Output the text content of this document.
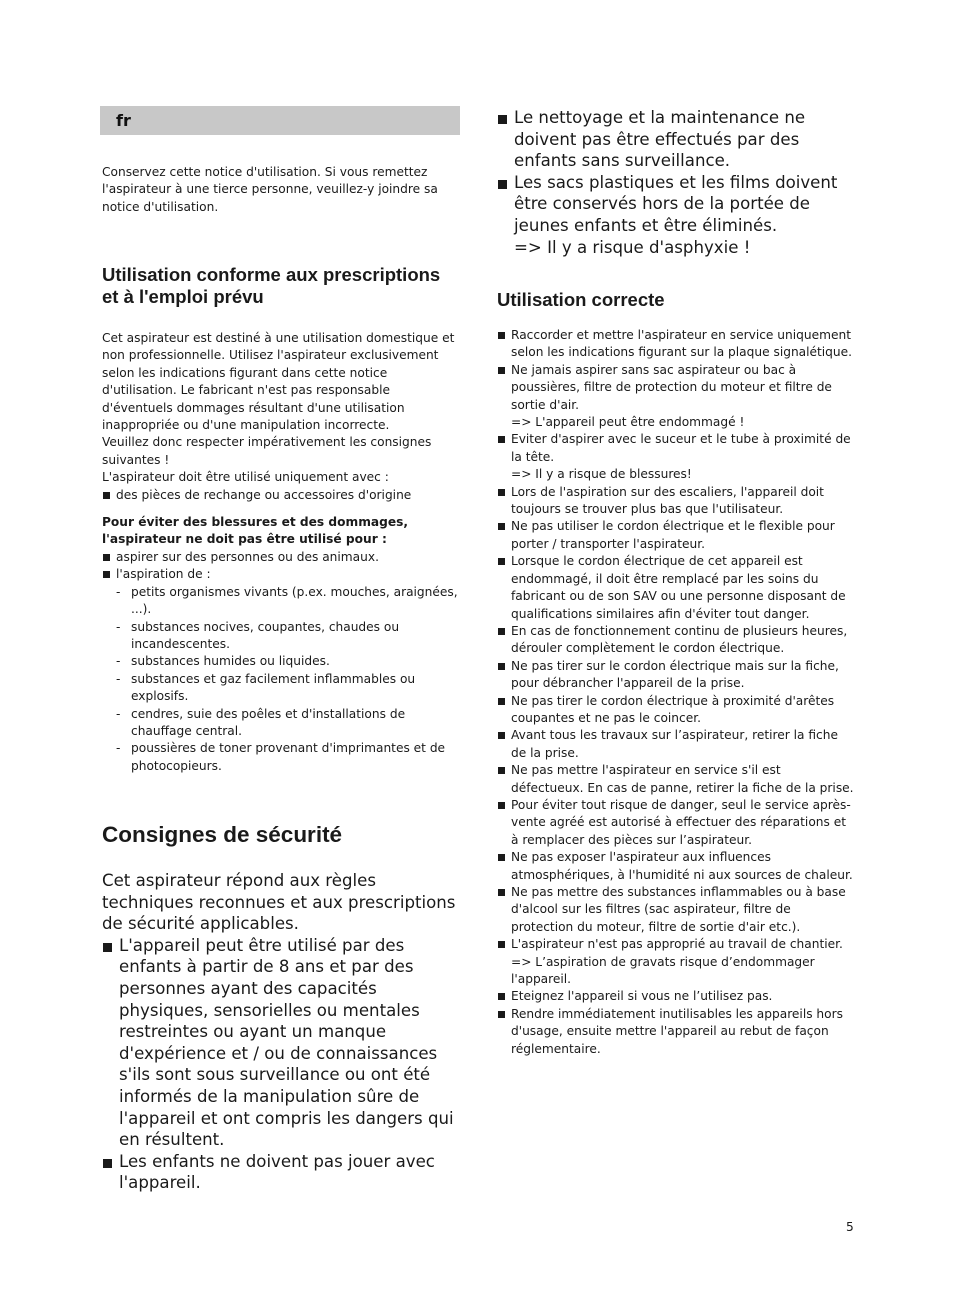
fr

Conservez cette notice d'utilisation. Si vous remettez l'aspirateur à une tierce personne, veuillez-y joindre sa notice d'utilisation.

Utilisation conforme aux prescriptions et à l'emploi prévu

Cet aspirateur est destiné à une utilisation domestique et non professionnelle. Utilisez l'aspirateur exclusivement selon les indications figurant dans cette notice d'utilisation. Le fabricant n'est pas responsable d'éventuels dommages résultant d'une utilisation inappropriée ou d'une manipulation incorrecte.

Veuillez donc respecter impérativement les consignes suivantes !

L'aspirateur doit être utilisé uniquement avec :

des pièces de rechange ou accessoires d'origine

Pour éviter des blessures et des dommages, l'aspirateur ne doit pas être utilisé pour :

aspirer sur des personnes ou des animaux.
l'aspiration de :
- petits organismes vivants (p.ex. mouches, araignées, ...).
- substances nocives, coupantes, chaudes ou incandescentes.
- substances humides ou liquides.
- substances et gaz facilement inflammables ou explosifs.
- cendres, suie des poêles et d'installations de chauffage central.
- poussières de toner provenant d'imprimantes et de photocopieurs.

Consignes de sécurité

Cet aspirateur répond aux règles techniques reconnues et aux prescriptions de sécurité applicables.

L'appareil peut être utilisé par des enfants à partir de 8 ans et par des personnes ayant des capacités physiques, sensorielles ou mentales restreintes ou ayant un manque d'expérience et / ou de connaissances s'ils sont sous surveillance ou ont été informés de la manipulation sûre de l'appareil et ont compris les dangers qui en résultent.
Les enfants ne doivent pas jouer avec l'appareil.
Le nettoyage et la maintenance ne doivent pas être effectués par des enfants sans surveillance.
Les sacs plastiques et les films doivent être conservés hors de la portée de jeunes enfants et être éliminés.
=> Il y a risque d'asphyxie !

Utilisation correcte

Raccorder et mettre l'aspirateur en service uniquement selon les indications figurant sur la plaque signalétique.
Ne jamais aspirer sans sac aspirateur ou bac à poussières, filtre de protection du moteur et filtre de sortie d'air.
=> L'appareil peut être endommagé !
Eviter d'aspirer avec le suceur et le tube à proximité de la tête.
=> Il y a risque de blessures!
Lors de l'aspiration sur des escaliers, l'appareil doit toujours se trouver plus bas que l'utilisateur.
Ne pas utiliser le cordon électrique et le flexible pour porter / transporter l'aspirateur.
Lorsque le cordon électrique de cet appareil est endommagé, il doit être remplacé par les soins du fabricant ou de son SAV ou une personne disposant de qualifications similaires afin d'éviter tout danger.
En cas de fonctionnement continu de plusieurs heures, dérouler complètement le cordon électrique.
Ne pas tirer sur le cordon électrique mais sur la fiche, pour débrancher l'appareil de la prise.
Ne pas tirer le cordon électrique à proximité d'arêtes coupantes et ne pas le coincer.
Avant tous les travaux sur l’aspirateur, retirer la fiche de la prise.
Ne pas mettre l'aspirateur en service s'il est défectueux. En cas de panne, retirer la fiche de la prise.
Pour éviter tout risque de danger, seul le service après-vente agréé est autorisé à effectuer des réparations et à remplacer des pièces sur l’aspirateur.
Ne pas exposer l'aspirateur aux influences atmosphériques, à l'humidité ni aux sources de chaleur.
Ne pas mettre des substances inflammables ou à base d'alcool sur les filtres (sac aspirateur, filtre de protection du moteur, filtre de sortie d'air etc.).
L'aspirateur n'est pas approprié au travail de chantier.
=> L’aspiration de gravats risque d’endommager l'appareil.
Eteignez l'appareil si vous ne l’utilisez pas.
Rendre immédiatement inutilisables les appareils hors d'usage, ensuite mettre l'appareil au rebut de façon réglementaire.
5
